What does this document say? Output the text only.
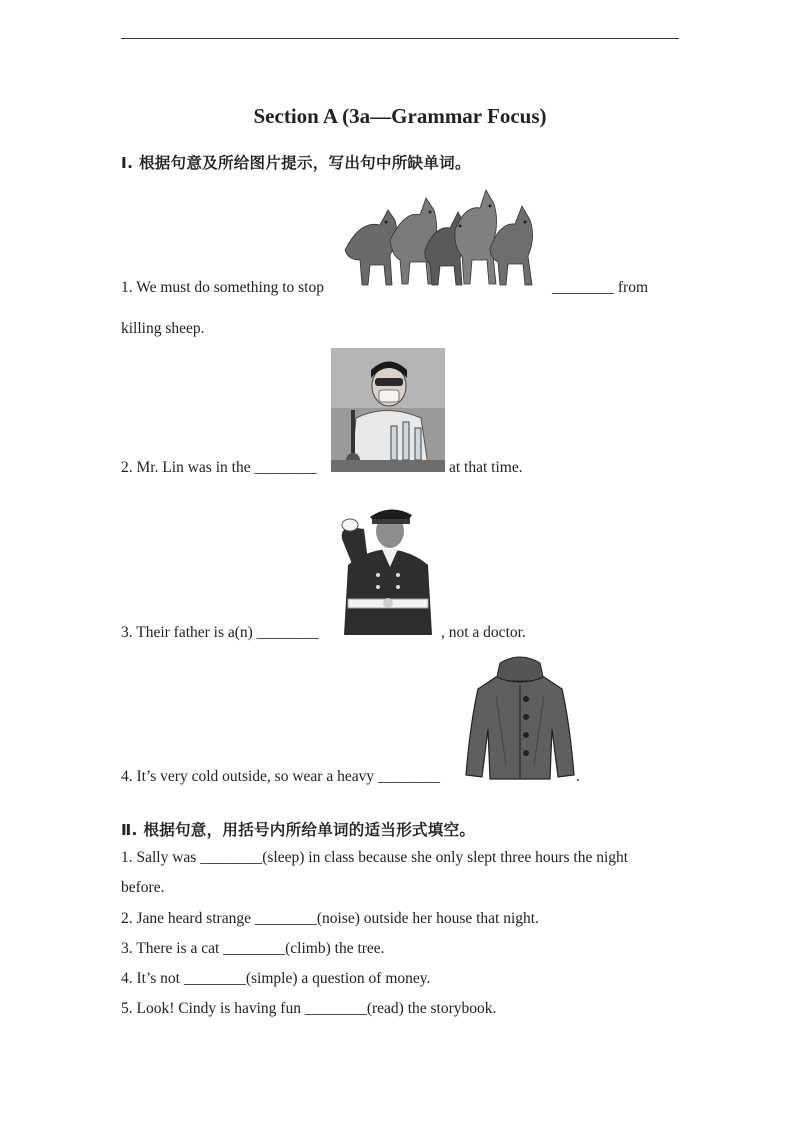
Section A (3a—Grammar Focus)
Ⅰ. 根据句意及所给图片提示，写出句中所缺单词。
1. We must do something to stop	________ from
killing sheep.
2. Mr. Lin was in the ________	at that time.
3. Their father is a(n) ________	, not a doctor.
4. It’s very cold outside, so wear a heavy ________	.
Ⅱ. 根据句意，用括号内所给单词的适当形式填空。
1. Sally was ________(sleep) in class because she only slept three hours the night
before.
2. Jane heard strange ________(noise) outside her house that night.
3. There is a cat ________(climb) the tree.
4. It’s not ________(simple) a question of money.
5. Look! Cindy is having fun ________(read) the storybook.
